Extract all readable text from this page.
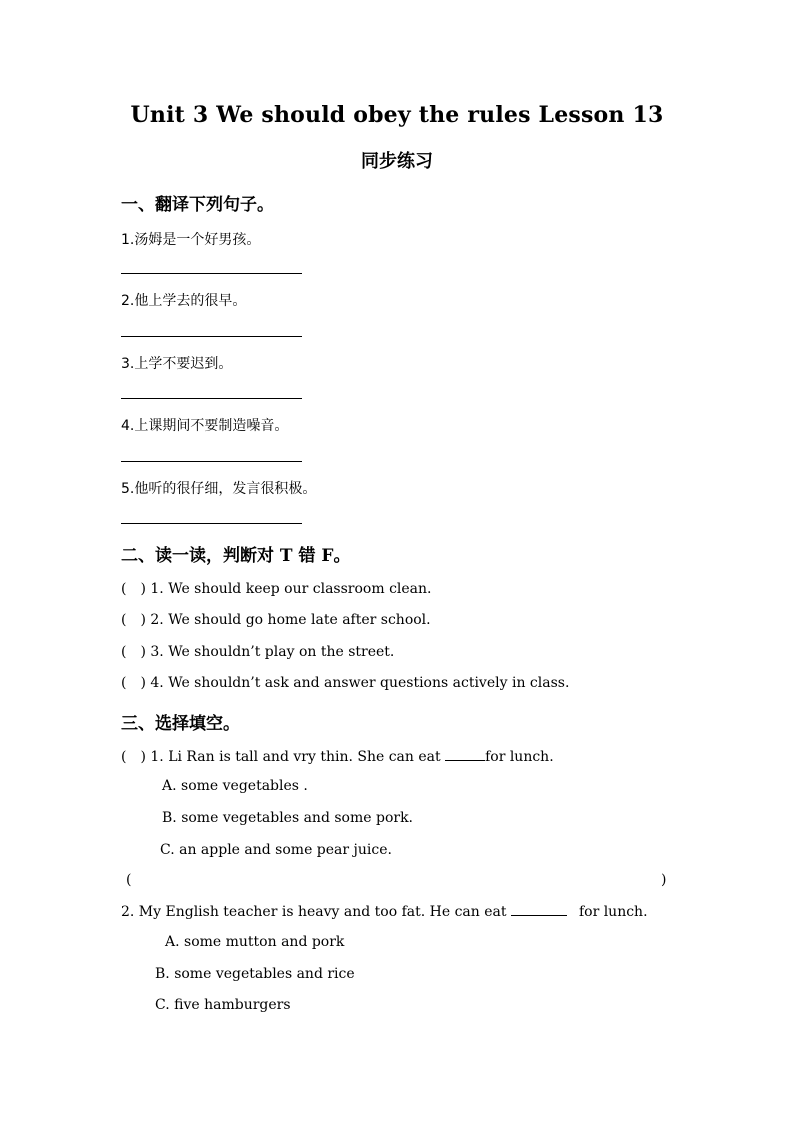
Unit 3 We should obey the rules Lesson 13
同步练习
一、翻译下列句子。
1.汤姆是一个好男孩。
2.他上学去的很早。
3.上学不要迟到。
4.上课期间不要制造噪音。
5.他听的很仔细，发言很积极。
二、读一读，判断对 T 错 F。
( ) 1. We should keep our classroom clean.
( ) 2. We should go home late after school.
( ) 3. We shouldn’t play on the street.
( ) 4. We shouldn’t ask and answer questions actively in class.
三、选择填空。
( ) 1. Li Ran is tall and vry thin. She can eat	for lunch.
A. some vegetables .
B. some vegetables and some pork.
C. an apple and some pear juice.
(	)
2. My English teacher is heavy and too fat. He can eat	for lunch.
A. some mutton and pork
B. some vegetables and rice
C. five hamburgers
